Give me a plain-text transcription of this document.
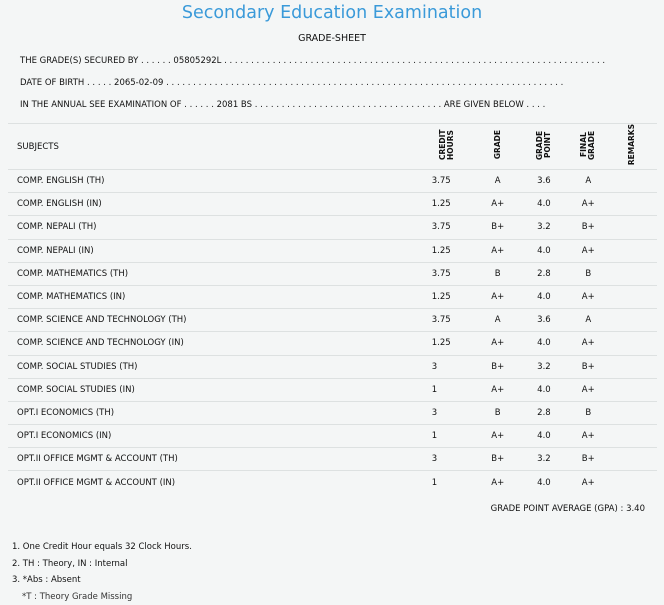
Secondary Education Examination
GRADE-SHEET
THE GRADE(S) SECURED BY . . . . . . 05805292L . . . . . . . . . . . . . . . . . . . . . . . . . . . . . . . . . . . . . . . . . . . . . . . . . . . . . . . . . . . . . . . . . . . . . . .
DATE OF BIRTH . . . . . 2065-02-09 . . . . . . . . . . . . . . . . . . . . . . . . . . . . . . . . . . . . . . . . . . . . . . . . . . . . . . . . . . . . . . . . . . . . . . . . . .
IN THE ANNUAL SEE EXAMINATION OF . . . . . . 2081 BS . . . . . . . . . . . . . . . . . . . . . . . . . . . . . . . . . . . ARE GIVEN BELOW . . . .
SUBJECTS	CREDIT HOURS	GRADE	GRADE POINT	FINAL GRADE	REMARKS
COMP. ENGLISH (TH)	3.75	A	3.6	A	
COMP. ENGLISH (IN)	1.25	A+	4.0	A+	
COMP. NEPALI (TH)	3.75	B+	3.2	B+	
COMP. NEPALI (IN)	1.25	A+	4.0	A+	
COMP. MATHEMATICS (TH)	3.75	B	2.8	B	
COMP. MATHEMATICS (IN)	1.25	A+	4.0	A+	
COMP. SCIENCE AND TECHNOLOGY (TH)	3.75	A	3.6	A	
COMP. SCIENCE AND TECHNOLOGY (IN)	1.25	A+	4.0	A+	
COMP. SOCIAL STUDIES (TH)	3	B+	3.2	B+	
COMP. SOCIAL STUDIES (IN)	1	A+	4.0	A+	
OPT.I ECONOMICS (TH)	3	B	2.8	B	
OPT.I ECONOMICS (IN)	1	A+	4.0	A+	
OPT.II OFFICE MGMT & ACCOUNT (TH)	3	B+	3.2	B+	
OPT.II OFFICE MGMT & ACCOUNT (IN)	1	A+	4.0	A+	
GRADE POINT AVERAGE (GPA) : 3.40
1. One Credit Hour equals 32 Clock Hours.
2. TH : Theory, IN : Internal
3. *Abs : Absent
*T : Theory Grade Missing
